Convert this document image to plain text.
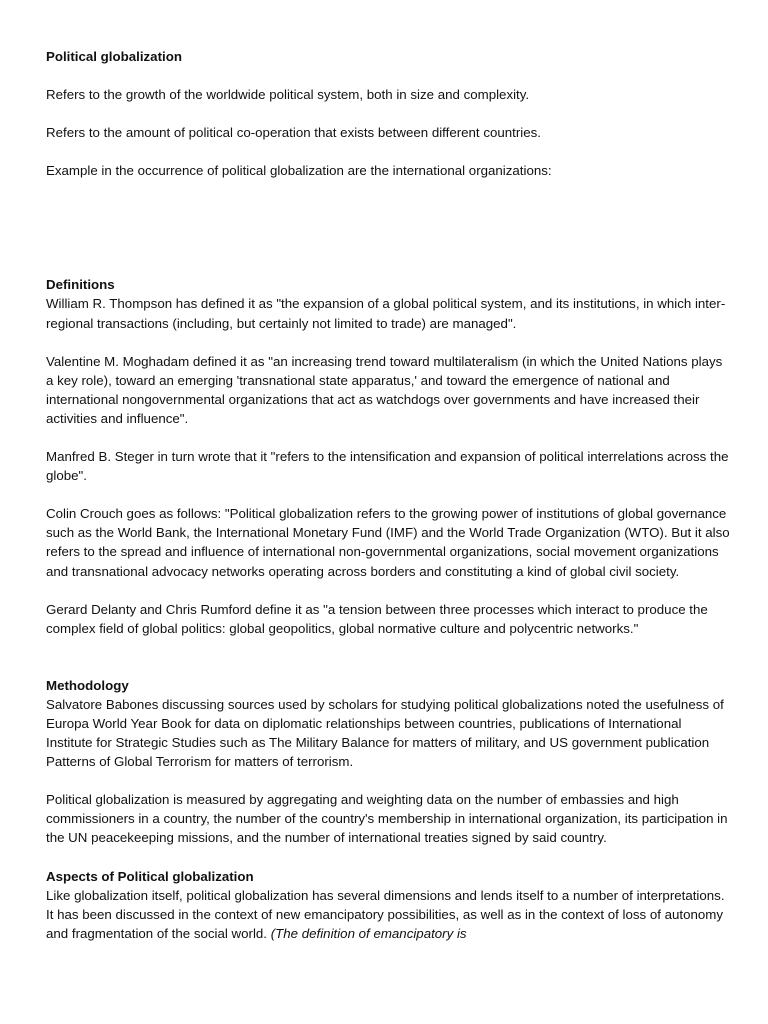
Political globalization

Refers to the growth of the worldwide political system, both in size and complexity.

Refers to the amount of political co-operation that exists between different countries.

Example in the occurrence of political globalization are the international organizations:

Definitions

William R. Thompson has defined it as "the expansion of a global political system, and its institutions, in which inter-regional transactions (including, but certainly not limited to trade) are managed".

Valentine M. Moghadam defined it as "an increasing trend toward multilateralism (in which the United Nations plays a key role), toward an emerging 'transnational state apparatus,' and toward the emergence of national and international nongovernmental organizations that act as watchdogs over governments and have increased their activities and influence".

Manfred B. Steger in turn wrote that it "refers to the intensification and expansion of political interrelations across the globe".

Colin Crouch goes as follows: "Political globalization refers to the growing power of institutions of global governance such as the World Bank, the International Monetary Fund (IMF) and the World Trade Organization (WTO). But it also refers to the spread and influence of international non-governmental organizations, social movement organizations and transnational advocacy networks operating across borders and constituting a kind of global civil society.

Gerard Delanty and Chris Rumford define it as "a tension between three processes which interact to produce the complex field of global politics: global geopolitics, global normative culture and polycentric networks."

Methodology

Salvatore Babones discussing sources used by scholars for studying political globalizations noted the usefulness of Europa World Year Book for data on diplomatic relationships between countries, publications of International Institute for Strategic Studies such as The Military Balance for matters of military, and US government publication Patterns of Global Terrorism for matters of terrorism.

Political globalization is measured by aggregating and weighting data on the number of embassies and high commissioners in a country, the number of the country's membership in international organization, its participation in the UN peacekeeping missions, and the number of international treaties signed by said country.

Aspects of Political globalization

Like globalization itself, political globalization has several dimensions and lends itself to a number of interpretations. It has been discussed in the context of new emancipatory possibilities, as well as in the context of loss of autonomy and fragmentation of the social world. (The definition of emancipatory is
